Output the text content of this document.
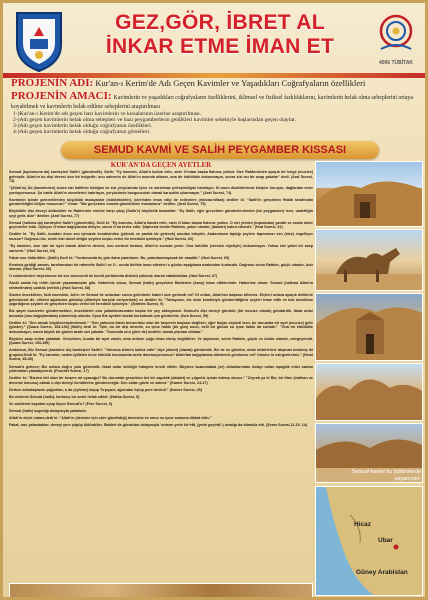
GEZ,GÖR, İBRET AL
İNKAR ETME İMAN ET
4006 TÜBİTAK
PROJENİN ADI: Kur'an-ı Kerim'de Adı Geçen Kavimler ve Yaşadıkları Coğrafyaların özellikleri
PROJENİN AMACI: Kavimlerin ve yaşadıkları coğrafyaların özelliklerini, iklimsel ve fiziksel farklılıklarını, kavimlerin helak olma sebeplerini ortaya koyabilmek ve kavimlerin helak edilme sebeplerini araştırılması
1-)Kur'an-ı Kerim'de adı geçen bazı kavimlerin ve kıssalarının üzerine araştırılması.
2-)Adı geçen kavimlerin helak olma sebepleri ve bazı peygamberlerin geldikleri kavimler sebebiyle başlarından geçen olaylar.
3-)Adı geçen kavimlerin helak olduğu coğrafyanın özellikleri.
4-)Adı geçen kavimlerin helak olduğu coğrafyanın görselleri.
SEMUD KAVMİ VE SALİH PEYGAMBER KISSASI
KUR'AN'DA GEÇEN AYETLER

Semud (toplumuna da) kardeşleri Salih'i (gönderdik). Salih: "Ey kavmim, Allah'a kulluk edin, sizin O'ndan başka İlahınız yoktur. Size Rabbinizden apaçık bir belge (mucize) gelmiştir: Allah'ın bu dişi devesi size bir belgedir; onu salıverin de Allah'ın arzında otlasın, ona bir kötülükle dokunmayın, sonra sizi acı bir azap yakalar" dedi. (Araf Suresi, 73)

"(Allah'ın) Âd (kavminden) sonra sizi halifeler kıldığını ve sizi yeryüzünde iyice ve sarsılmaz yerleştirdiğini hatırlayın. Ki onun düzlüklerinde köşkler kuruyor, dağlardan evler yontuyorsunuz. Şu halde Allah'ın nimetlerini hatırlayın, yeryüzünde bozgunculuk olarak karışıklık çıkarmayın." (Araf Suresi, 74)

Kavminin içinde geleneklerden büyüklük taslayanlar (müstekbirler), içlerinden iman edip de ezilenlere (müstaz'aflara) dediler ki: "Salih'in gerçekten Rabbi tarafından gönderildiğini biliyor musunuz?" Onlar: "Biz gerçekten onunla gönderilene inananlarız" dediler. (Araf Suresi, 75)

Böylelikle dişi deveyi öldürdüler ve Rablerinin emrine karşı çıkıp (Salih'e) büyüklük tasladılar: "Ey Salih, eğer gerçekten gönderilenlerden (bir peygamber) isen, vadettiğin şeyi getir, bize" dediler. (Araf Suresi, 77)

Semud (halkına da) kardeşleri Salih'i (gönderdik). Dedi ki: "Ey kavmim, Allah'a ibadet edin, sizin O'ndan başka İlahınız yoktur. O sizi yerden (toprakdan) yarattı ve orada ömür geçirmeler kıldı. Öyleyse O'ndan bağışlanma dileyin, sonra O'na tevbe edin. Şüphesiz benim Rabbim, yakın olandır, (duaları) kabul edendir." (Hud Suresi, 61)

Dediler ki: "Ey Salih, bundan önce sen içimizde kendisinden (yüksek ve parlak bir gelecek) umulan biriydin. Atalarımızın taptığı şeylere tapmamızı sen (bize) engelliyor musun? Doğrusu biz, senin bizi davet ettiğin şeyden kuşku verici bir tereddüt içindeyiz." (Hud Suresi, 62)

"Ey kavmim, size işte bir ayet olarak Allah'ın devesi; onu serbest bırakın, Allah'ın arzında yesin. Ona kötülük (vermek niyetiyle) dokunmayın. Yoksa sizi yakın bir azap sarıverir." (Hud Suresi, 64)

Fakat onu öldürdüler. (Salih) Dedi ki: "Yurdunuzda üç gün daha yararlanın. Bu, yalanlanmayacak bir vaaddir." (Hud Suresi, 65)

Emrimiz geldiği zaman, tarafımızdan bir rahmetle Salih'i ve O - nunla birlikte iman edenleri o günün aşağılama azabından kurtardık. Doğrusu senin Rabbin, güçlü olandır, Aziz olandır. (Hud Suresi, 66)

O zulmedenleri deyesinmsı bir ses sarsıverdi de kendi yurtlarında dizüstü çökmüş olarak sabahladılar. (Hud Suresi, 67)

Sanki orada hiç refah içinde yaşamamışlar gibi. Haberiniz olsun, Semud (halkı) gerçekten Rablerine (karşı) inkar ettiklerinde. Haberiniz olsun: Semud (halkına Allah'ın rahmetinden) uzaklık (verildi.) (Hud Suresi, 68)

Sizden öncekilerin, Nuh kavminin, Ad'ın ve Semud ile onlardan sonra gelenlerin haberi size gelmedi mi? Kİ onları, Allah'tan başkası bilemez. Elçileri onlara apaçık delillerle gelmişlerdi de, ellerini ağızlarına götürüp (dilleriyle karşılık veriyorlardı) ve dediler ki: "Tarlayınızı, biz sizin kendisiyle gönderildiğiniz şeyleri inkar ettik ve bizi kendisine çağırdığınız şeyden de gerçekten kuşku verici bir tereddüt içindeyiz." (İbrahim Suresi, 9)

Biz şayet mucizeler göndermekten, öncekilerin onu yalanlamasından başka bir şey alıkoymadı. Semud'a dişi deveyi görünür (bir mucize olarak) göndardik, fakat onlar bununla (onu bağışlamakla) zulmetmiş oldular. Oysa Biz ayetleri ancak korkutmak için göndeririz. (İsra Suresi, 59)

Dediler ki: "Sen ancak büyülenmişlerdensin." "Sen yalnızca bizim benzerimiz olan bir beşersin başkası değilsin; eğer doğru söyledi isen, bu durumda bir ayet (mucize) getir (göster)." (Şuara Suresi, 153-154) (Salih) dedi ki: "İşte, bu bir dişi devedir, su içme hakkı (bir gün) onun, belli bir günün su içme hakkı da sizindir." "Ona bir kötülükle dokunmayın, sonra büyük bir günün azabı sizi yakalar. "Sonunda onu (yine de) kestiler, ancak pişman oldular."

Böylece azap onları yakaladı. Gerçekten, bunda bir ayet vardır, ama onların çoğu iman etmiş değildirler. Ve şüphesiz, senin Rabbin, güçlü ve üstün olandır, esirgeyendir. (Şuara Suresi, 153-159)

Andolsun, Biz Semud (kavmine de) kardeşleri Salih'i: "Yalnızca Allah'a kulluk edin" diye (davet) (olarak) gönderdik. Bir de ne görelim, onlar birbirlerine düşman kesilmiş iki grupdur.Dedi ki: "Ey kavmim, neden iyilikten önce kötülük konusunda acele davranıyorsunuz? Allah'tan bağışlanma dilemeniz gerekmez mi? Umulur ki esirgenirsiniz." (Neml Suresi, 45-46)

Semud'a gelince; Biz onlara doğru yolu gösterdik, fakat onlar körlüğü hidayete tercih ettiler. Böylece kazanmakta (ve) olduklarından dolayı onları aşağılık edici azabın yıldırımları yakalayıverdi. (Fussilet Suresi, 17)

Dediler ki: "Bizden biri olan bir beşere mi uyacağız? Bu durumda gerçekten biz bir sapıklık (dalalet) ve çılgınlık içinde kalmış oluruz." "Zeyrab ya ki Biz, bir fitne (imtihan ve deneme konusu) olarak o dişi deveyi kendilerine göndereceğiz. Sen onları gözle ve sabret." (Kamer Suresi, 24-27)

Derken arkadaşlarını çağırdılar, o da (eyleme) kapıp Tırpıyazı; ağzından fışkıp pere devirdi." (Kamer Suresi, 29)

Bu nedenle Semud (halkı), korkunç bir sesle helak edildi. (Hakka Suresi, 5)

Ve vadilerde kayaları oyup biçen Semud'u? (Fecr Suresi, 9)

Semud (halkı) azgınlığı dolayısıyla yalanladı.

Allah'ın elçisi onlara dedi ki: "Allah'ın (deveme için süre göndirdiği) devesine ve onun su içme sırasına dikkat edin."

Fakat, onu yalanladılar, deveyi yere çöpüp öldürdüler. Rableri de günahları dolayısıyla 'onların yerle bir'etti, (yerle geçirdi!.) ortalığı da dümdüz etti. (Şems Suresi,11-15, 14)

Hicaz
Ubar
Güney Arabistan
Semud kavmi bu bölümlerde yaşamıştır.
